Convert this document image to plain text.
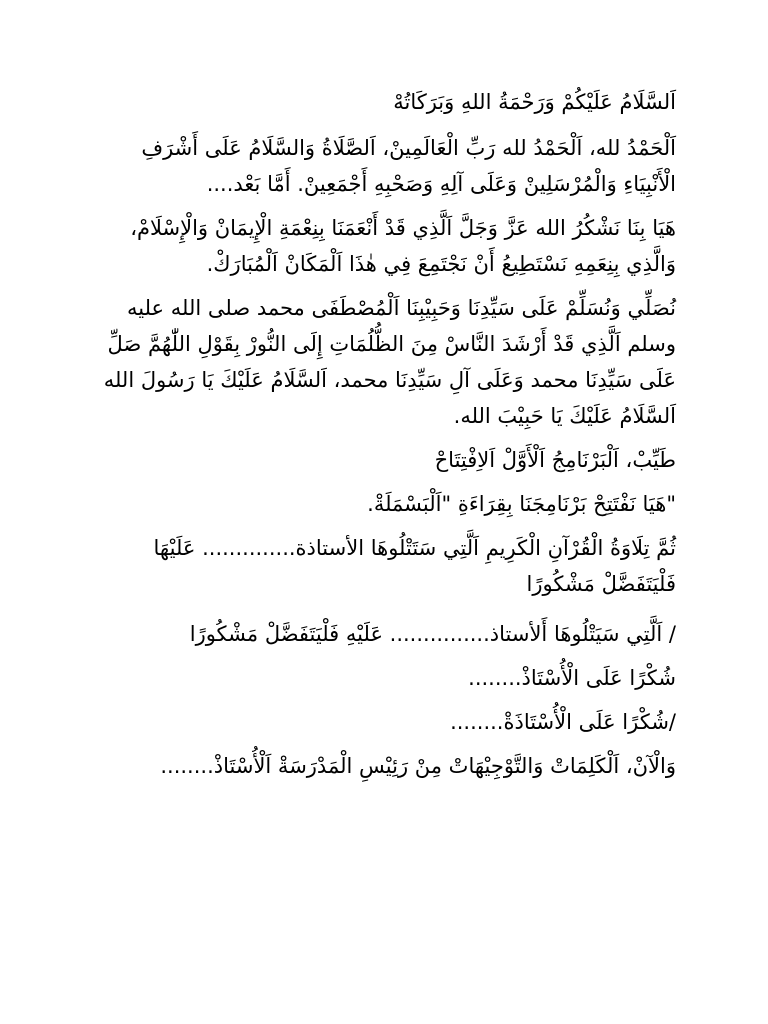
اَلسَّلَامُ عَلَيْكُمْ وَرَحْمَةُ اللهِ وَبَرَكَاتُهْ

اَلْحَمْدُ لله، اَلْحَمْدُ لله رَبِّ الْعَالَمِينْ، اَلصَّلَاةُ وَالسَّلَامُ عَلَى أَشْرَفِ الْأَنْبِيَاءِ وَالْمُرْسَلِينْ وَعَلَى آلِهِ وَصَحْبِهِ أَجْمَعِينْ. أَمَّا بَعْد....

هَيَا بِنَا نَشْكُرُ الله عَزَّ وَجَلَّ اَلَّذِي قَدْ أَنْعَمَنَا بِنِعْمَةِ الْإِيمَانْ وَالْإِسْلَامْ، وَالَّذِي بِنِعَمِهِ نَسْتَطِيعُ أَنْ نَجْتَمِعَ فِي هٰذَا اَلْمَكَانْ اَلْمُبَارَكْ.

نُصَلِّي وَنُسَلِّمْ عَلَى سَيِّدِنَا وَحَبِيْبِنَا اَلْمُصْطَفَى محمد صلى الله عليه وسلم اَلَّذِي قَدْ أَرْشَدَ النَّاسْ مِنَ الظُّلُمَاتِ إِلَى النُّورْ بِقَوْلِ اللّٰهُمَّ صَلِّ عَلَى سَيِّدِنَا محمد وَعَلَى آلِ سَيِّدِنَا محمد، اَلسَّلَامُ عَلَيْكَ يَا رَسُولَ الله اَلسَّلَامُ عَلَيْكَ يَا حَبِيْبَ الله.

طَيِّبْ، اَلْبَرْنَامِجُ اَلْأَوَّلْ اَلاِفْتِتَاحْ

"هَيَا نَفْتَتِحْ بَرْنَامِجَنَا بِقِرَاءَةِ "اَلْبَسْمَلَةْ.

ثُمَّ تِلَاوَةُ الْقُرْآنِ الْكَرِيمِ اَلَّتِي سَتَتْلُوهَا الأستاذة.............. عَلَيْهَا فَلْيَتَفَضَّلْ مَشْكُورًا

/ اَلَّتِي سَيَتْلُوهَا أَلأستاذ............... عَلَيْهِ فَلْيَتَفَضَّلْ مَشْكُورًا

شُكْرًا عَلَى الْأُسْتَاذْ........

/شُكْرًا عَلَى الْأُسْتَاذَةْ........

وَالْآنْ، اَلْكَلِمَاتْ وَالتَّوْجِيْهَاتْ مِنْ رَئِيْسِ الْمَدْرَسَةْ اَلْأُسْتَاذْ........
